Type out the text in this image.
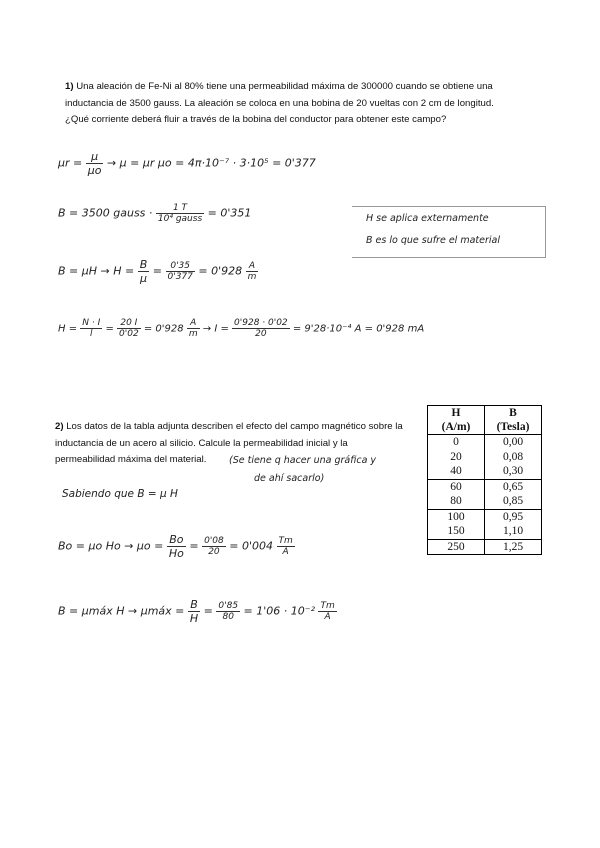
1) Una aleación de Fe-Ni al 80% tiene una permeabilidad máxima de 300000 cuando se obtiene una inductancia de 3500 gauss. La aleación se coloca en una bobina de 20 vueltas con 2 cm de longitud. ¿Qué corriente deberá fluir a través de la bobina del conductor para obtener este campo?

$\mu r = \frac{\mu}{\mu o} \to \mu = \mu r$ μo = 4π·10⁻⁷ · 3·10⁵ = 0'377
B = 3500 gauss · $\frac{1 T}{\text{10⁴ gauss}} = 0'351$	H se aplica externamente
B es lo que sufre el material
$B = \mu H \to H = \frac{B}{\mu} = \frac{0'35}{0'377} = 0'928 \frac{A}{m}$
$H = \frac{N \cdot I}{l} = \frac{20 I}{0'02} = 0'928 \frac{A}{m} \to I = \frac{0'928 \cdot 0'02}{20} = 9'28\cdot 10^{-4}$ A = 0'928 mA

2) Los datos de la tabla adjunta describen el efecto del campo magnético sobre la inductancia de un acero al silicio. Calcule la permeabilidad inicial y la permeabilidad máxima del material.	(Se tiene q hacer una gráfica y
de ahí sacarlo)
H	B
(A/m)	(Tesla)
0	0,00
20	0,08
40	0,30
60	0,65
80	0,85
100	0,95
150	1,10
250	1,25
Sabiendo que B = μ H
Bo = μo $Ho \to \mu o = \frac{Bo}{Ho} = \frac{0'08}{20} = 0'004 \frac{Tm}{A}$
B = μmáx H → μmáx = $\frac{B}{H} = \frac{0'85}{80} = 1'06 \cdot 10^{-2} \frac{Tm}{A}$
